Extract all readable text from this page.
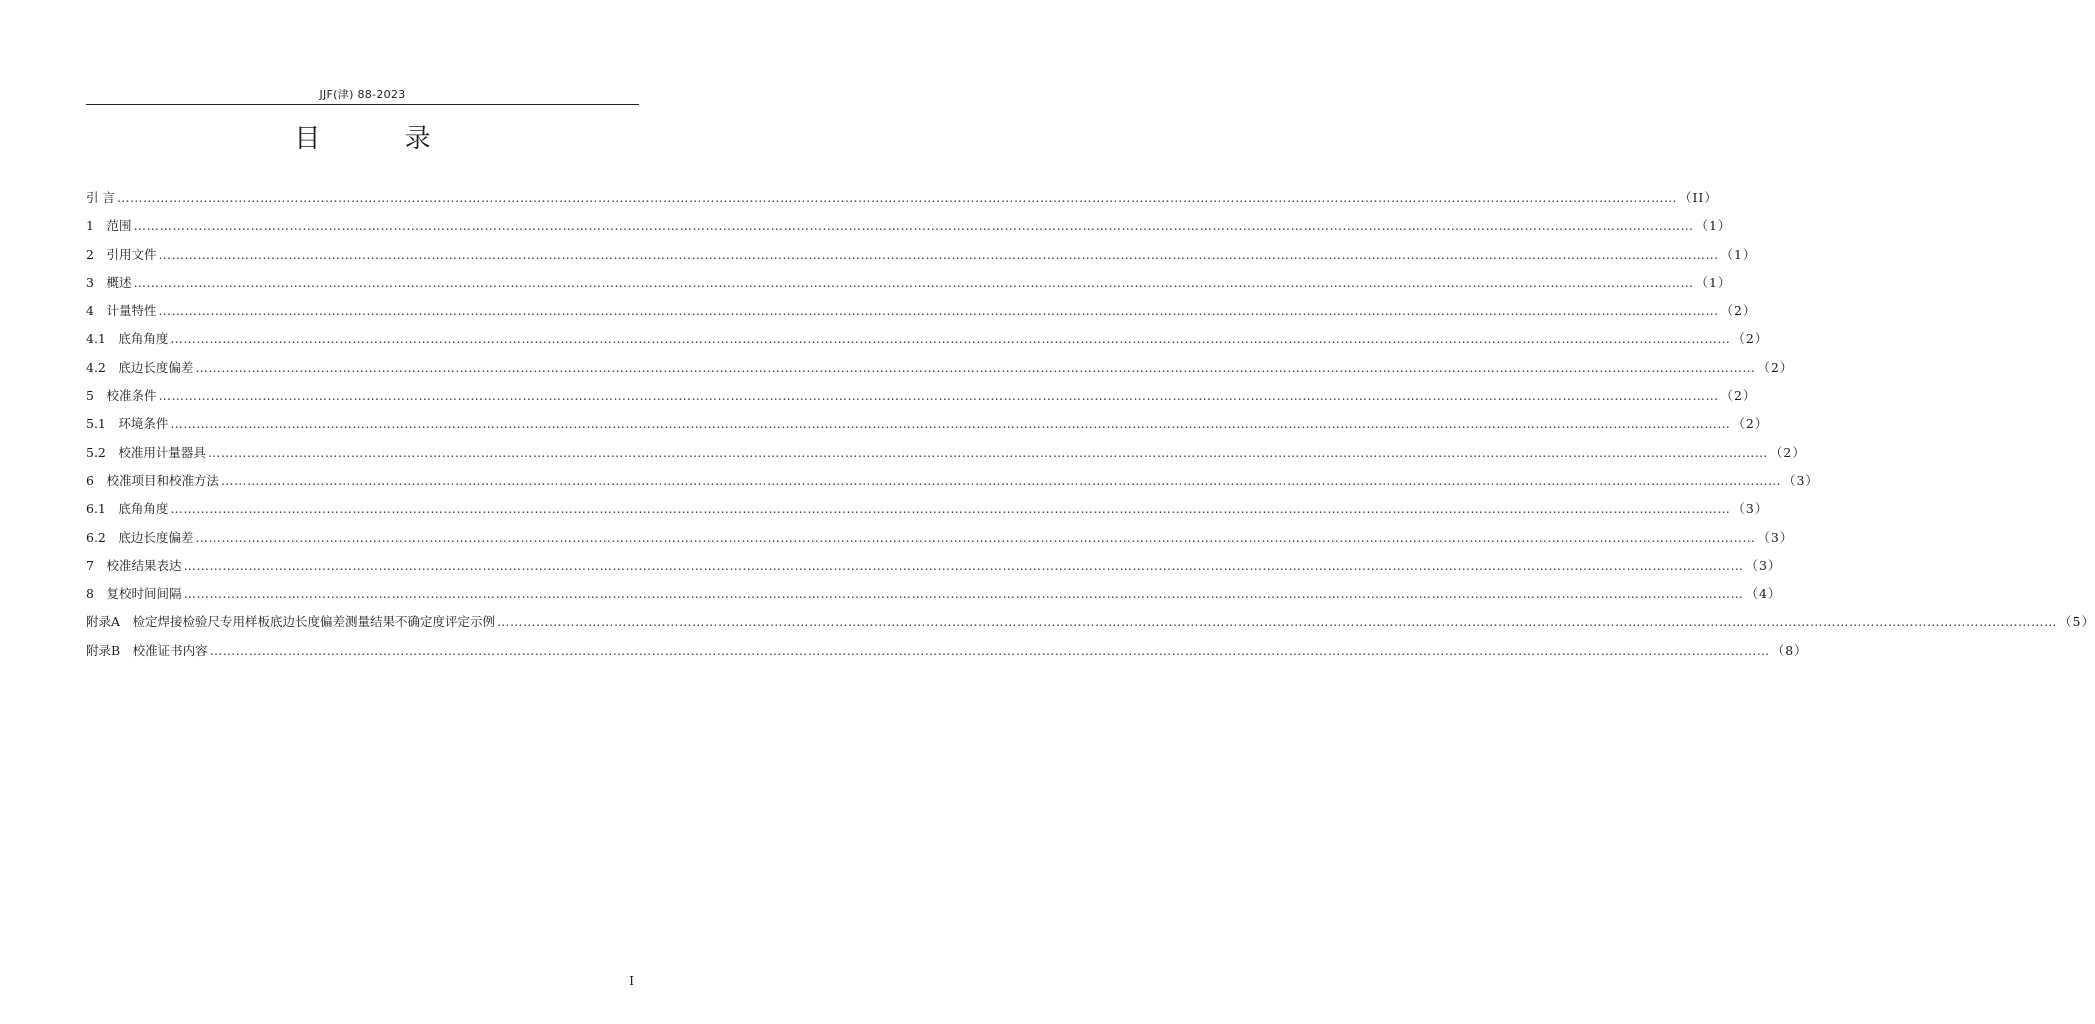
JJF(津) 88-2023
目 录
引 言 ……………………………………………………………………………………………………………………………………………………………………………………………………………………………………………………………………………………………………………………………… （II）
1　范围 ……………………………………………………………………………………………………………………………………………………………………………………………………………………………………………………………………………………………………………………………… （1）
2　引用文件 ……………………………………………………………………………………………………………………………………………………………………………………………………………………………………………………………………………………………………………………………… （1）
3　概述 ……………………………………………………………………………………………………………………………………………………………………………………………………………………………………………………………………………………………………………………………… （1）
4　计量特性 ……………………………………………………………………………………………………………………………………………………………………………………………………………………………………………………………………………………………………………………………… （2）
4.1　底角角度 ……………………………………………………………………………………………………………………………………………………………………………………………………………………………………………………………………………………………………………………………… （2）
4.2　底边长度偏差 ……………………………………………………………………………………………………………………………………………………………………………………………………………………………………………………………………………………………………………………………… （2）
5　校准条件 ……………………………………………………………………………………………………………………………………………………………………………………………………………………………………………………………………………………………………………………………… （2）
5.1　环境条件 ……………………………………………………………………………………………………………………………………………………………………………………………………………………………………………………………………………………………………………………………… （2）
5.2　校准用计量器具 ……………………………………………………………………………………………………………………………………………………………………………………………………………………………………………………………………………………………………………………………… （2）
6　校准项目和校准方法 ……………………………………………………………………………………………………………………………………………………………………………………………………………………………………………………………………………………………………………………………… （3）
6.1　底角角度 ……………………………………………………………………………………………………………………………………………………………………………………………………………………………………………………………………………………………………………………………… （3）
6.2　底边长度偏差 ……………………………………………………………………………………………………………………………………………………………………………………………………………………………………………………………………………………………………………………………… （3）
7　校准结果表达 ……………………………………………………………………………………………………………………………………………………………………………………………………………………………………………………………………………………………………………………………… （3）
8　复校时间间隔 ……………………………………………………………………………………………………………………………………………………………………………………………………………………………………………………………………………………………………………………………… （4）
附录A　检定焊接检验尺专用样板底边长度偏差测量结果不确定度评定示例 ……………………………………………………………………………………………………………………………………………………………………………………………………………………………………………………………………………………………………………………………… （5）
附录B　校准证书内容 ……………………………………………………………………………………………………………………………………………………………………………………………………………………………………………………………………………………………………………………………… （8）
I
